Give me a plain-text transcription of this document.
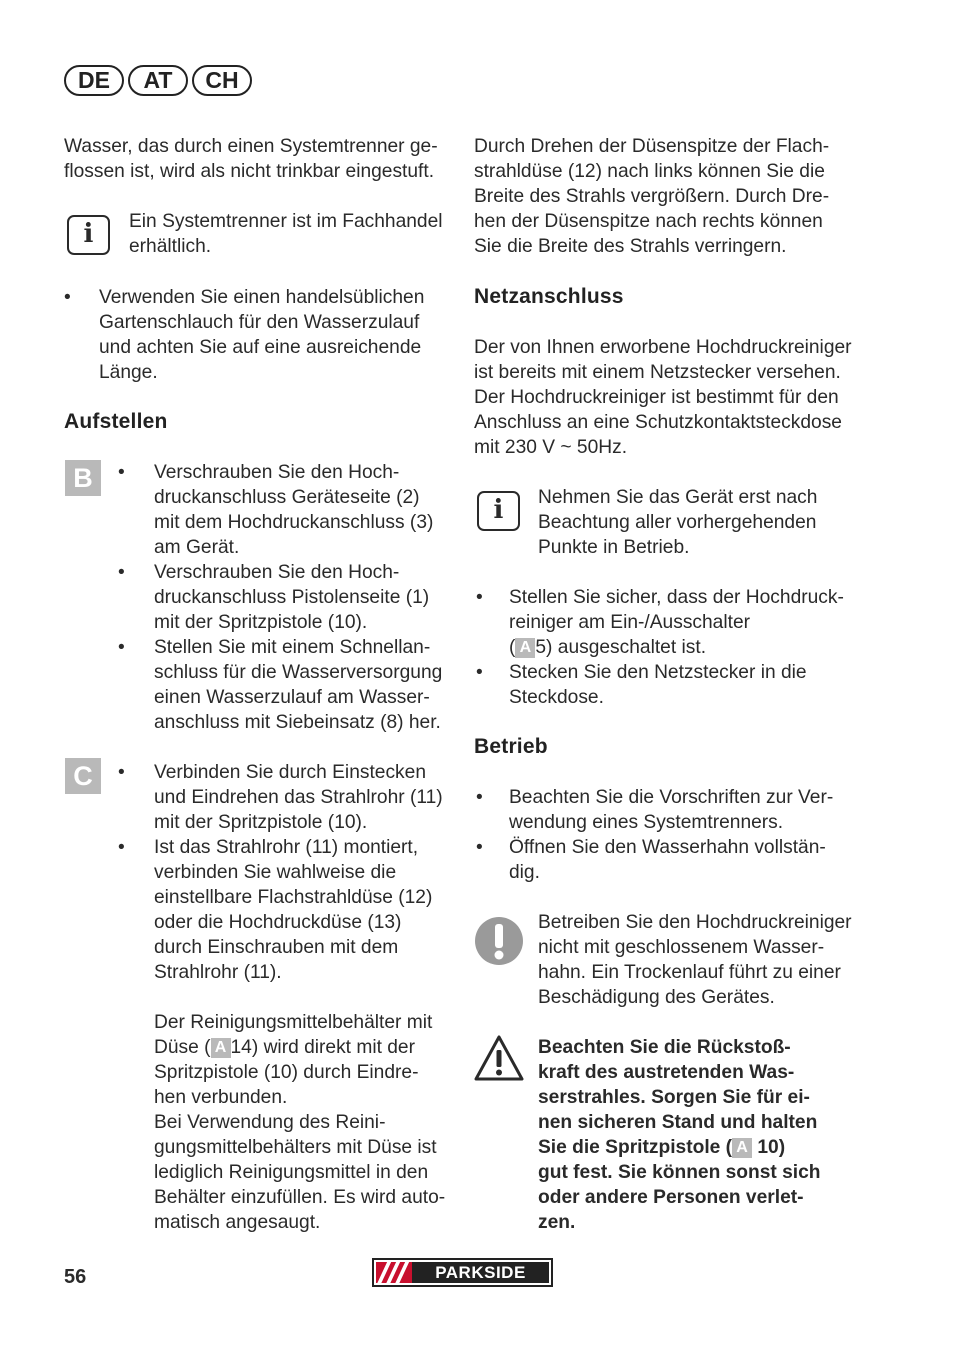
DE	AT	CH
Wasser, das durch einen Systemtrenner ge-
flossen ist, wird als nicht trinkbar eingestuft.
i	Ein Systemtrenner ist im Fachhandel
erhältlich.
• Verwenden Sie einen handelsüblichen
Gartenschlauch für den Wasserzulauf
und achten Sie auf eine ausreichende
Länge.
Aufstellen
B	• Verschrauben Sie den Hoch-
druckanschluss Geräteseite (2)
mit dem Hochdruckanschluss (3)
am Gerät.
• Verschrauben Sie den Hoch-
druckanschluss Pistolenseite (1)
mit der Spritzpistole (10).
• Stellen Sie mit einem Schnellan-
schluss für die Wasserversorgung
einen Wasserzulauf am Wasser-
anschluss mit Siebeinsatz (8) her.
C	• Verbinden Sie durch Einstecken
und Eindrehen das Strahlrohr (11)
mit der Spritzpistole (10).
• Ist das Strahlrohr (11) montiert,
verbinden Sie wahlweise die
einstellbare Flachstrahldüse (12)
oder die Hochdruckdüse (13)
durch Einschrauben mit dem
Strahlrohr (11).
Der Reinigungsmittelbehälter mit
Düse ( A 14) wird direkt mit der
Spritzpistole (10) durch Eindre-
hen verbunden.
Bei Verwendung des Reini-
gungsmittelbehälters mit Düse ist
lediglich Reinigungsmittel in den
Behälter einzufüllen. Es wird auto-
matisch angesaugt.
Durch Drehen der Düsenspitze der Flach-
strahldüse (12) nach links können Sie die
Breite des Strahls vergrößern. Durch Dre-
hen der Düsenspitze nach rechts können
Sie die Breite des Strahls verringern.
Netzanschluss
Der von Ihnen erworbene Hochdruckreiniger
ist bereits mit einem Netzstecker versehen.
Der Hochdruckreiniger ist bestimmt für den
Anschluss an eine Schutzkontaktsteckdose
mit 230 V ~ 50Hz.
i	Nehmen Sie das Gerät erst nach
Beachtung aller vorhergehenden
Punkte in Betrieb.
• Stellen Sie sicher, dass der Hochdruck-
reiniger am Ein-/Ausschalter
( A 5) ausgeschaltet ist.
• Stecken Sie den Netzstecker in die
Steckdose.
Betrieb
• Beachten Sie die Vorschriften zur Ver-
wendung eines Systemtrenners.
• Öffnen Sie den Wasserhahn vollstän-
dig.
Betreiben Sie den Hochdruckreiniger
nicht mit geschlossenem Wasser-
hahn. Ein Trockenlauf führt zu einer
Beschädigung des Gerätes.
Beachten Sie die Rückstoß-
kraft des austretenden Was-
serstrahles. Sorgen Sie für ei-
nen sicheren Stand und halten
Sie die Spritzpistole ( A 10)
gut fest. Sie können sonst sich
oder andere Personen verlet-
zen.
56	PARKSIDE
